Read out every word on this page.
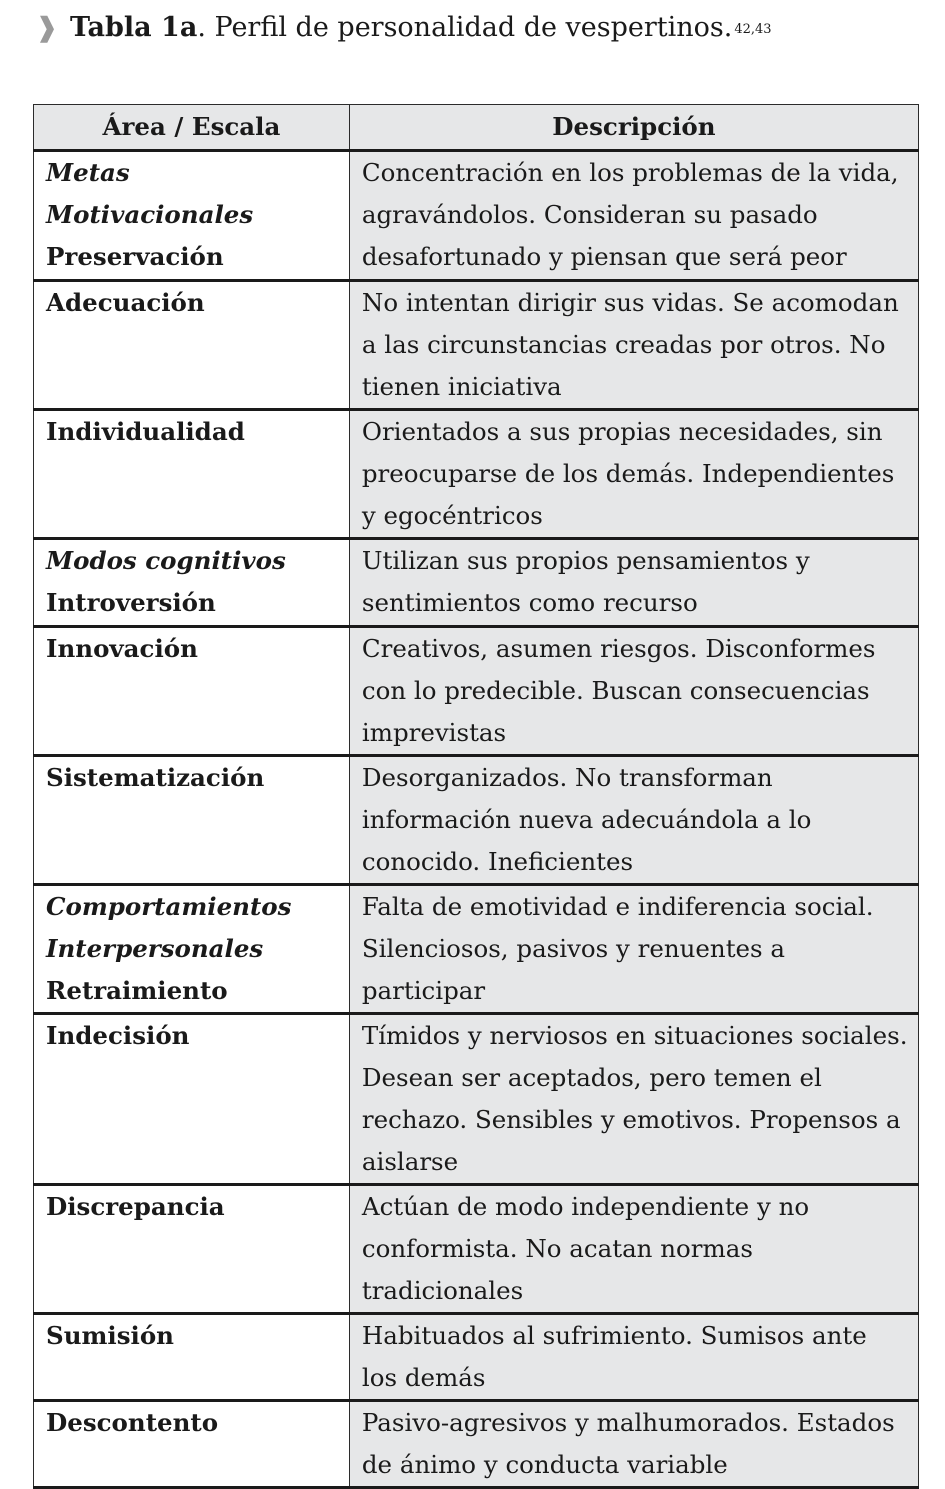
❱ Tabla 1a. Perfil de personalidad de vespertinos. $^{42,43}$
Área / Escala	Descripción

Metas Motivacionales
Preservación	Concentración en los problemas de la vida, agravándolos. Consideran su pasado desafortunado y piensan que será peor

Adecuación	No intentan dirigir sus vidas. Se acomodan a las circunstancias creadas por otros. No tienen iniciativa

Individualidad	Orientados a sus propias necesidades, sin preocuparse de los demás. Independientes y egocéntricos

Modos cognitivos
Introversión	Utilizan sus propios pensamientos y sentimientos como recurso

Innovación	Creativos, asumen riesgos. Disconformes con lo predecible. Buscan consecuencias imprevistas

Sistematización	Desorganizados. No transforman información nueva adecuándola a lo conocido. Ineficientes

Comportamientos Interpersonales
Retraimiento	Falta de emotividad e indiferencia social. Silenciosos, pasivos y renuentes a participar

Indecisión	Tímidos y nerviosos en situaciones sociales. Desean ser aceptados, pero temen el rechazo. Sensibles y emotivos. Propensos a aislarse

Discrepancia	Actúan de modo independiente y no conformista. No acatan normas tradicionales

Sumisión	Habituados al sufrimiento. Sumisos ante los demás

Descontento	Pasivo-agresivos y malhumorados. Estados de ánimo y conducta variable
